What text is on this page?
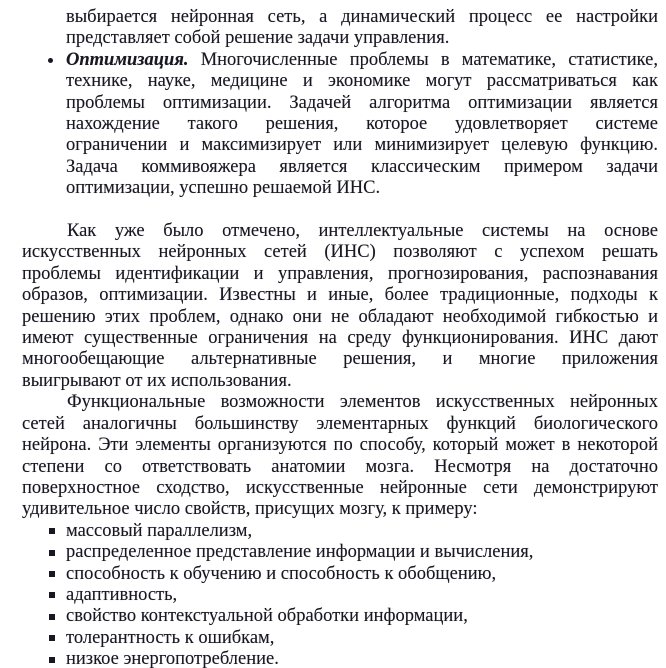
выбирается нейронная сеть, а динамический процесс ее настройки
представляет собой решение задачи управления.
Оптимизация. Многочисленные проблемы в математике, статистике,
технике, науке, медицине и экономике могут рассматриваться как
проблемы оптимизации. Задачей алгоритма оптимизации является
нахождение такого решения, которое удовлетворяет системе
ограничении и максимизирует или минимизирует целевую функцию.
Задача коммивояжера является классическим примером задачи
оптимизации, успешно решаемой ИНС.
Как уже было отмечено, интеллектуальные системы на основе
искусственных нейронных сетей (ИНС) позволяют с успехом решать
проблемы идентификации и управления, прогнозирования, распознавания
образов, оптимизации. Известны и иные, более традиционные, подходы к
решению этих проблем, однако они не обладают необходимой гибкостью и
имеют существенные ограничения на среду функционирования. ИНС дают
многообещающие альтернативные решения, и многие приложения
выигрывают от их использования.
Функциональные возможности элементов искусственных нейронных
сетей аналогичны большинству элементарных функций биологического
нейрона. Эти элементы организуются по способу, который может в некоторой
степени со ответствовать анатомии мозга. Несмотря на достаточно
поверхностное сходство, искусственные нейронные сети демонстрируют
удивительное число свойств, присущих мозгу, к примеру:
массовый параллелизм,
распределенное представление информации и вычисления,
способность к обучению и способность к обобщению,
адаптивность,
свойство контекстуальной обработки информации,
толерантность к ошибкам,
низкое энергопотребление.
